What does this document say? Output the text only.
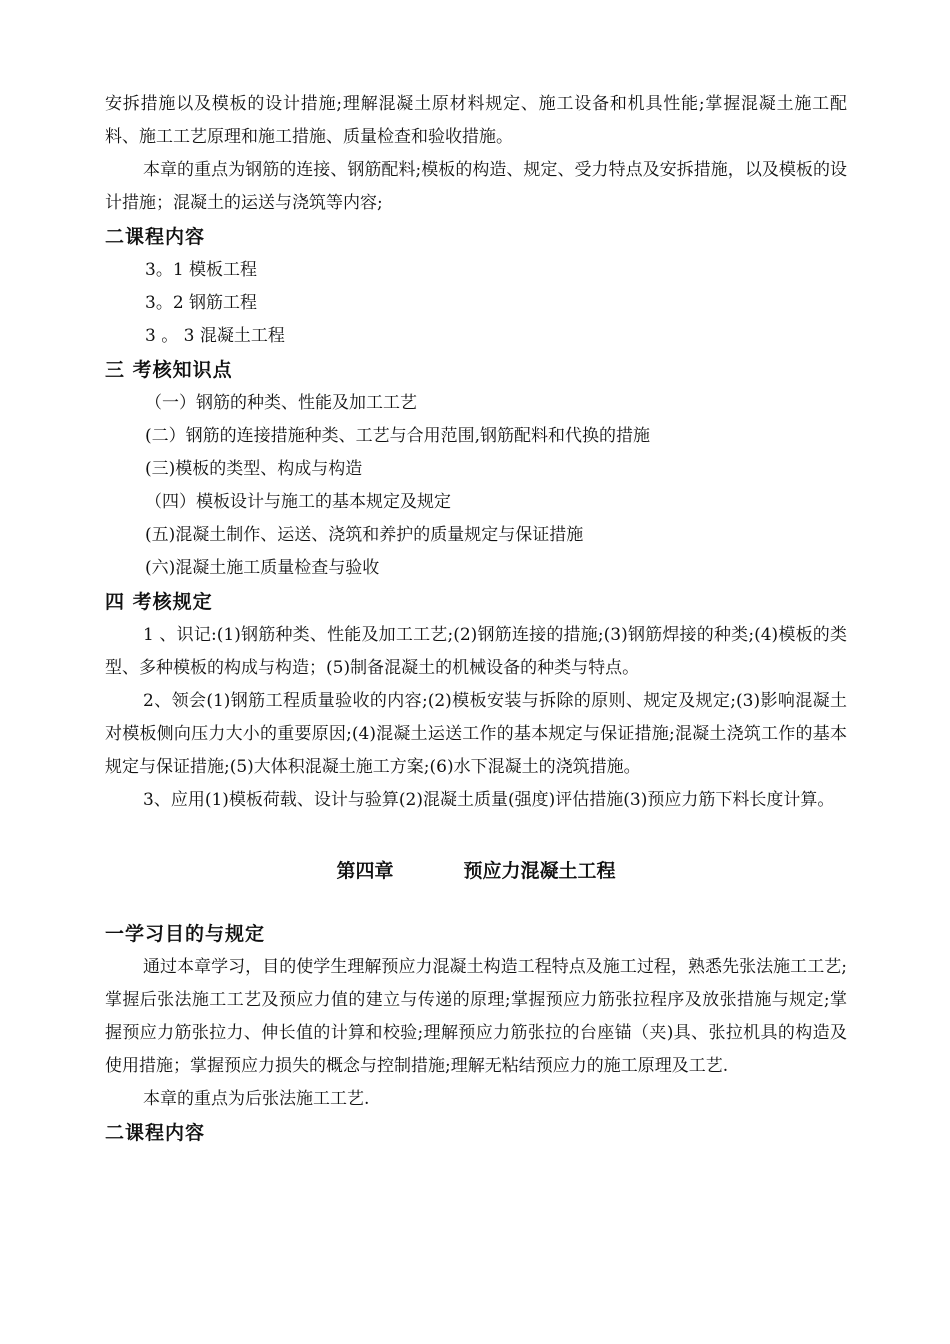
安拆措施以及模板的设计措施;理解混凝土原材料规定、施工设备和机具性能;掌握混凝土施工配料、施工工艺原理和施工措施、质量检查和验收措施。

本章的重点为钢筋的连接、钢筋配料;模板的构造、规定、受力特点及安拆措施，以及模板的设计措施；混凝土的运送与浇筑等内容;

二课程内容

3。1 模板工程

3。2 钢筋工程

3 。 3 混凝土工程

三 考核知识点

（一）钢筋的种类、性能及加工工艺

(二）钢筋的连接措施种类、工艺与合用范围,钢筋配料和代换的措施

(三)模板的类型、构成与构造

（四）模板设计与施工的基本规定及规定

(五)混凝土制作、运送、浇筑和养护的质量规定与保证措施

(六)混凝土施工质量检查与验收

四 考核规定

1 、识记:(1)钢筋种类、性能及加工工艺;(2)钢筋连接的措施;(3)钢筋焊接的种类;(4)模板的类型、多种模板的构成与构造；(5)制备混凝土的机械设备的种类与特点。

2、领会(1)钢筋工程质量验收的内容;(2)模板安装与拆除的原则、规定及规定;(3)影响混凝土对模板侧向压力大小的重要原因;(4)混凝土运送工作的基本规定与保证措施;混凝土浇筑工作的基本规定与保证措施;(5)大体积混凝土施工方案;(6)水下混凝土的浇筑措施。

3、应用(1)模板荷载、设计与验算(2)混凝土质量(强度)评估措施(3)预应力筋下料长度计算。

第四章	预应力混凝土工程
一学习目的与规定

通过本章学习，目的使学生理解预应力混凝土构造工程特点及施工过程，熟悉先张法施工工艺;掌握后张法施工工艺及预应力值的建立与传递的原理;掌握预应力筋张拉程序及放张措施与规定;掌握预应力筋张拉力、伸长值的计算和校验;理解预应力筋张拉的台座锚（夹)具、张拉机具的构造及使用措施；掌握预应力损失的概念与控制措施;理解无粘结预应力的施工原理及工艺.

本章的重点为后张法施工工艺.

二课程内容
